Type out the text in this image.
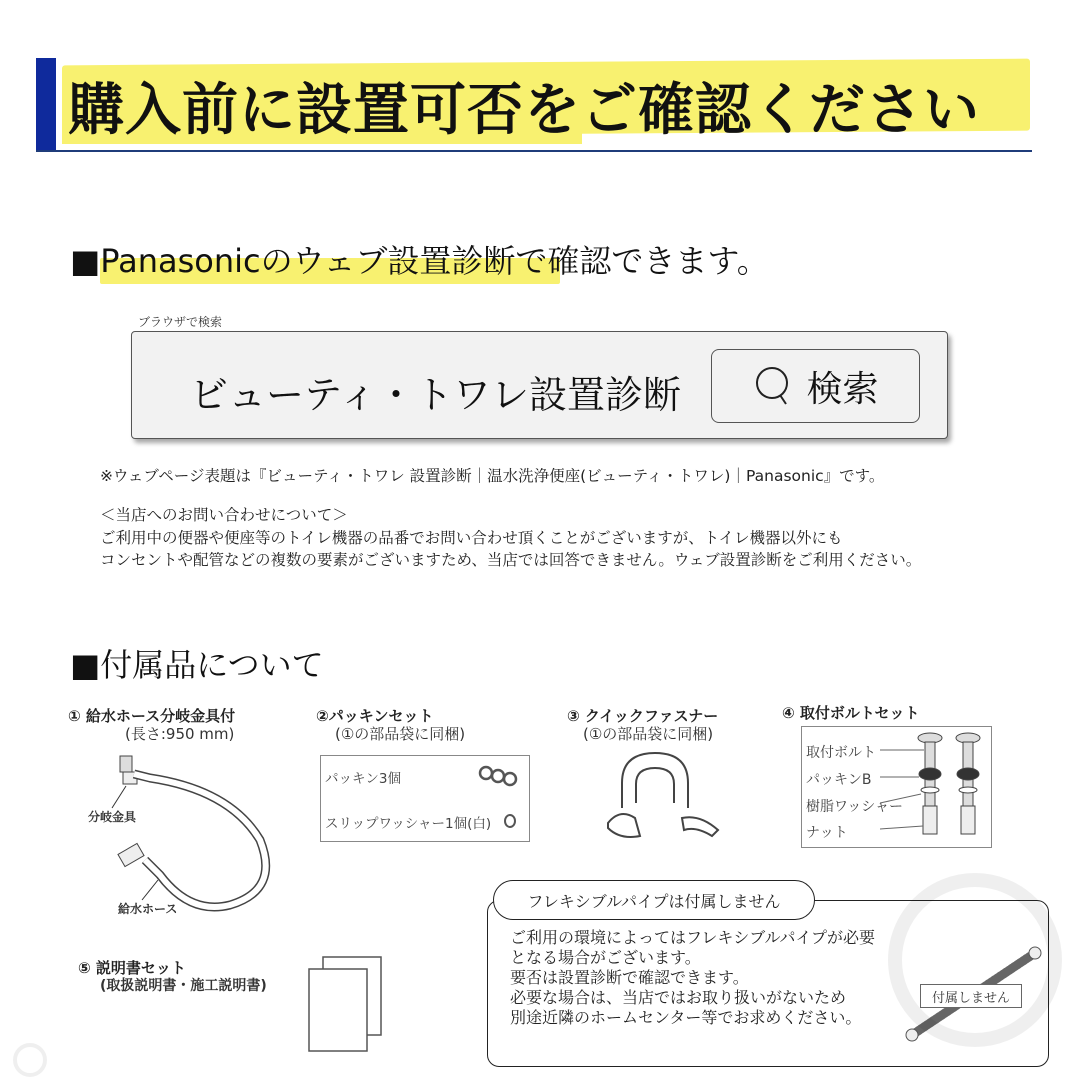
購入前に設置可否をご確認ください
■Panasonicのウェブ設置診断で確認できます。
ブラウザで検索
ビューティ・トワレ設置診断	検索
※ウェブページ表題は『ビューティ・トワレ 設置診断｜温水洗浄便座(ビューティ・トワレ)｜Panasonic』です。
＜当店へのお問い合わせについて＞
ご利用中の便器や便座等のトイレ機器の品番でお問い合わせ頂くことがございますが、トイレ機器以外にも
コンセントや配管などの複数の要素がございますため、当店では回答できません。ウェブ設置診断をご利用ください。
■付属品について
① 給水ホース分岐金具付
(長さ:950 mm)
分岐金具
給水ホース
②パッキンセット
(①の部品袋に同梱)
パッキン3個
スリップワッシャー1個(白)
③ クイックファスナー
(①の部品袋に同梱)
④ 取付ボルトセット
取付ボルト
パッキンB
樹脂ワッシャー
ナット
⑤ 説明書セット
(取扱説明書・施工説明書)
フレキシブルパイプは付属しません
ご利用の環境によってはフレキシブルパイプが必要
となる場合がございます。
要否は設置診断で確認できます。
必要な場合は、当店ではお取り扱いがないため
別途近隣のホームセンター等でお求めください。
付属しません
